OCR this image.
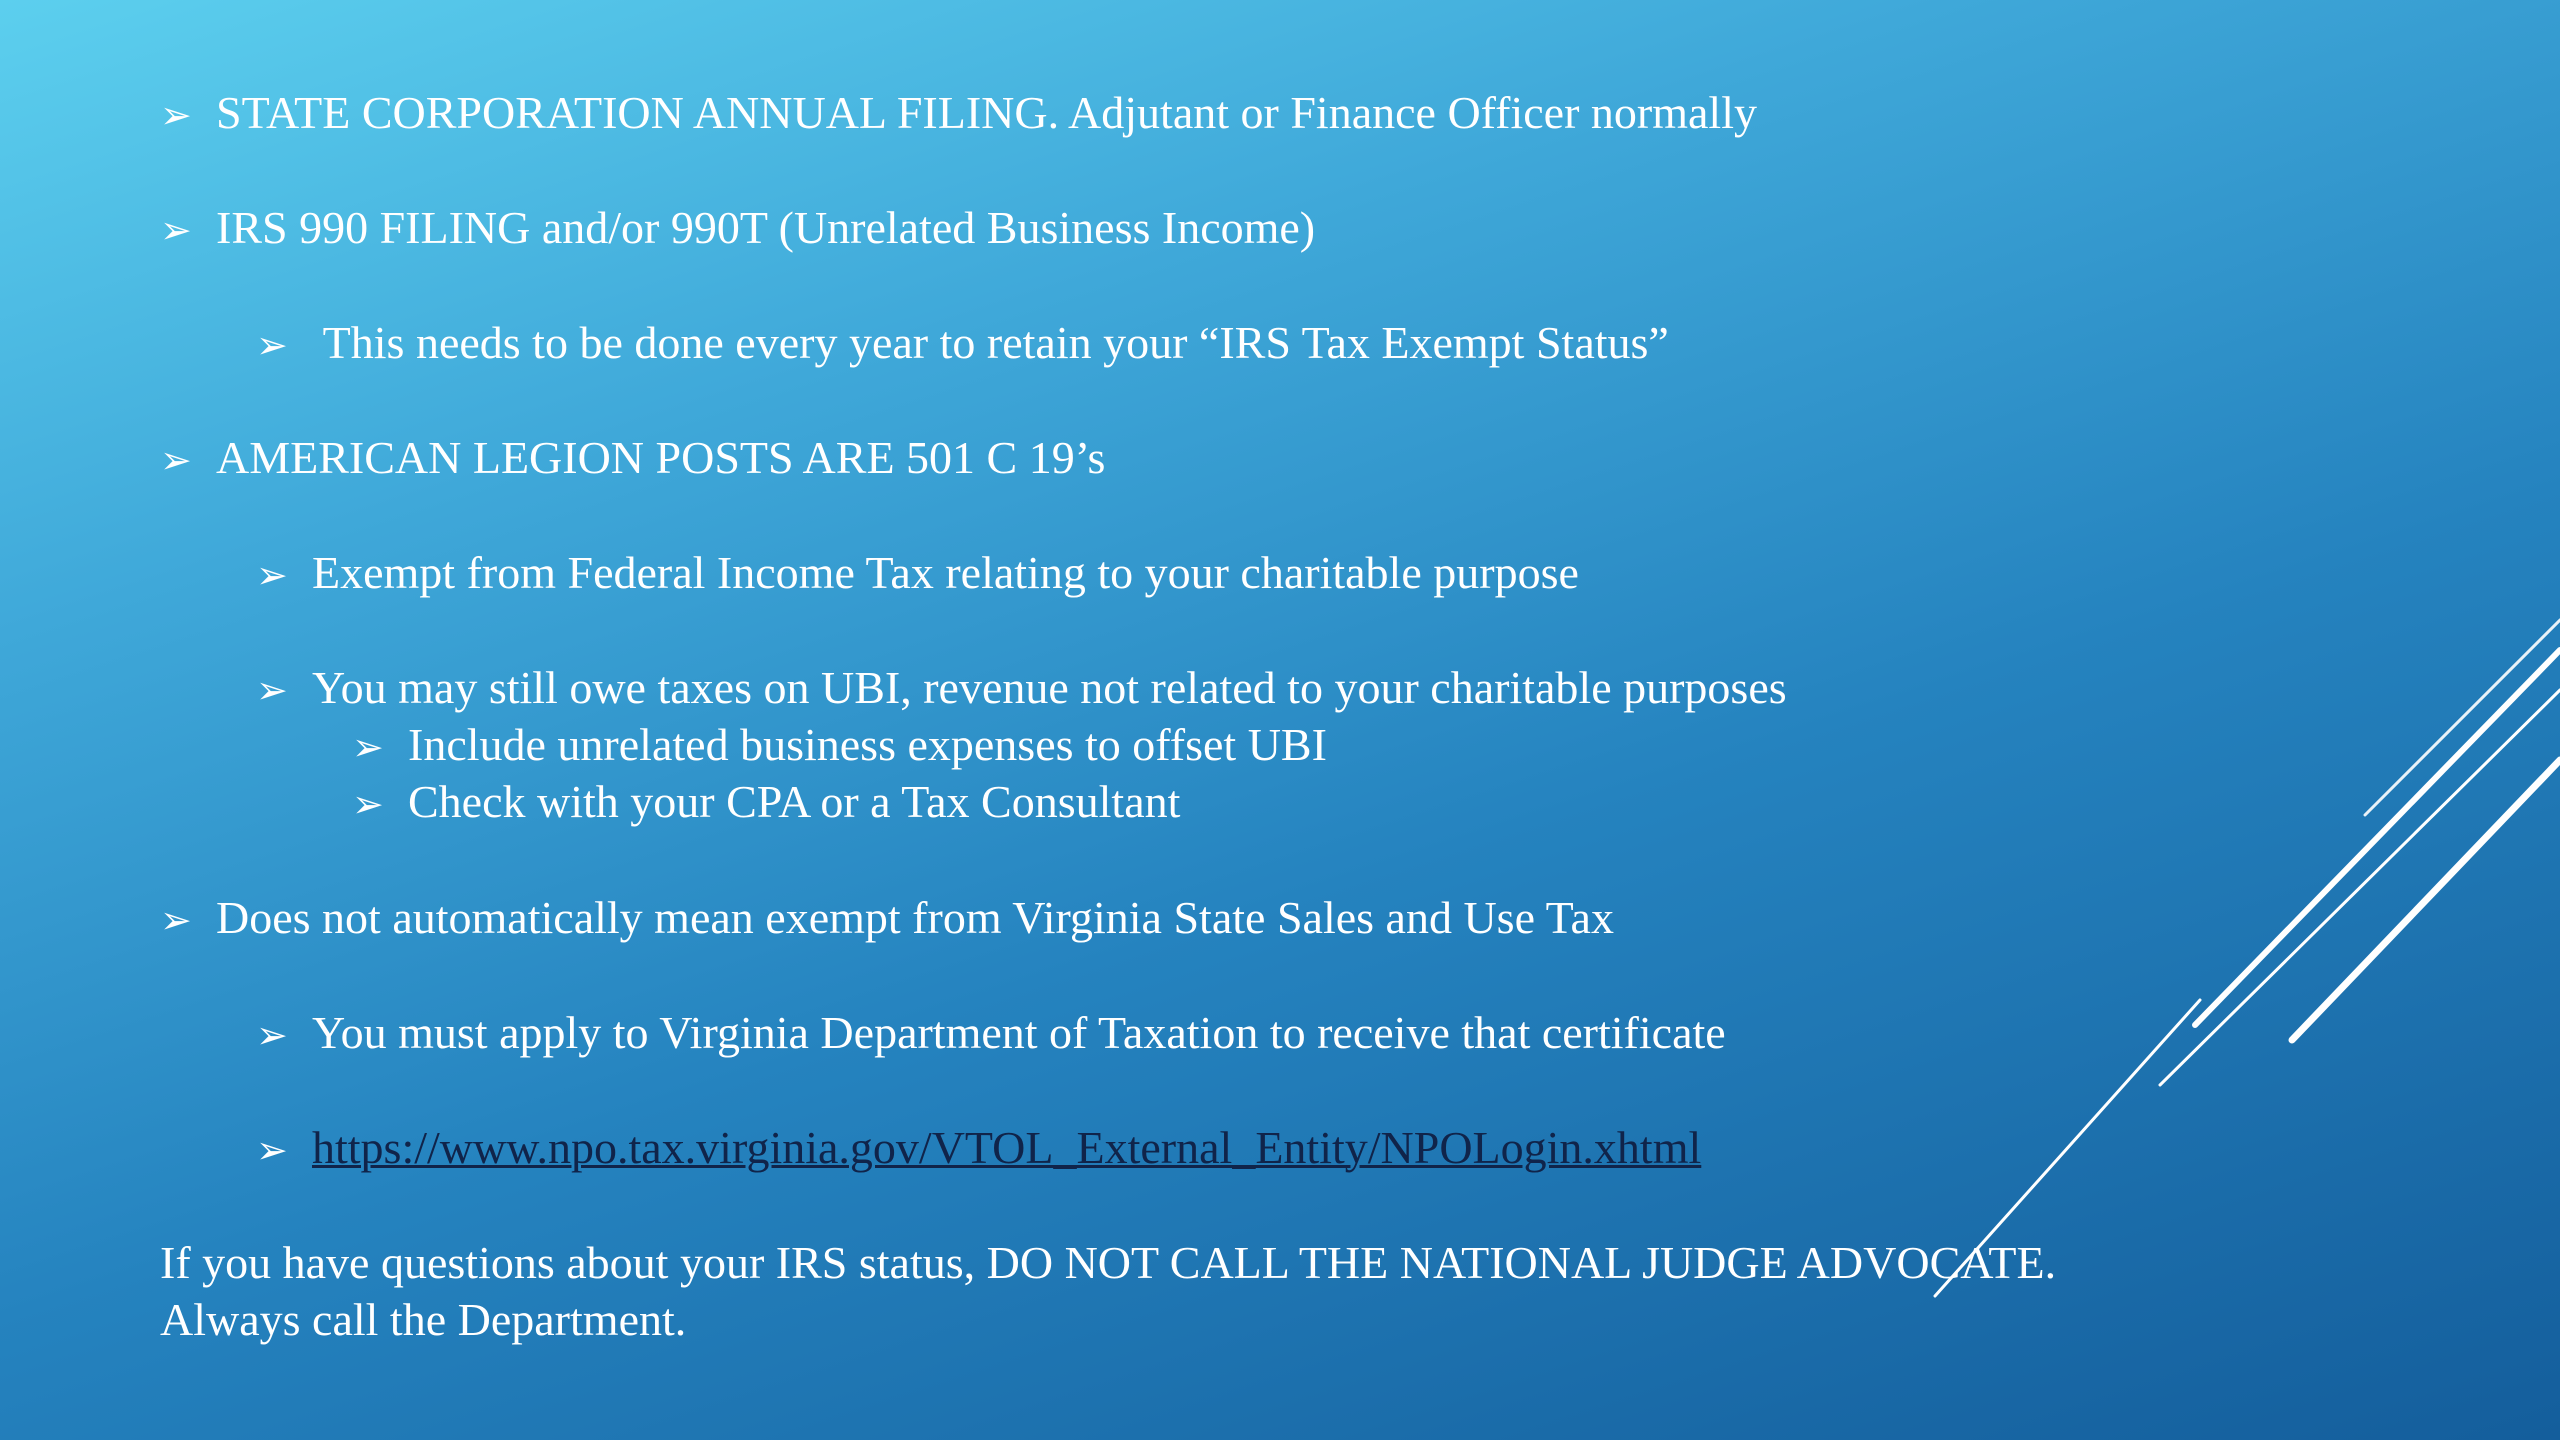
➢ STATE CORPORATION ANNUAL FILING. Adjutant or Finance Officer normally
➢ IRS 990 FILING and/or 990T (Unrelated Business Income)
➢ This needs to be done every year to retain your “IRS Tax Exempt Status”
➢ AMERICAN LEGION POSTS ARE 501 C 19’s
➢ Exempt from Federal Income Tax relating to your charitable purpose
➢ You may still owe taxes on UBI, revenue not related to your charitable purposes
➢ Include unrelated business expenses to offset UBI
➢ Check with your CPA or a Tax Consultant
➢ Does not automatically mean exempt from Virginia State Sales and Use Tax
➢ You must apply to Virginia Department of Taxation to receive that certificate
➢ https://www.npo.tax.virginia.gov/VTOL_External_Entity/NPOLogin.xhtml
If you have questions about your IRS status, DO NOT CALL THE NATIONAL JUDGE ADVOCATE.
Always call the Department.
